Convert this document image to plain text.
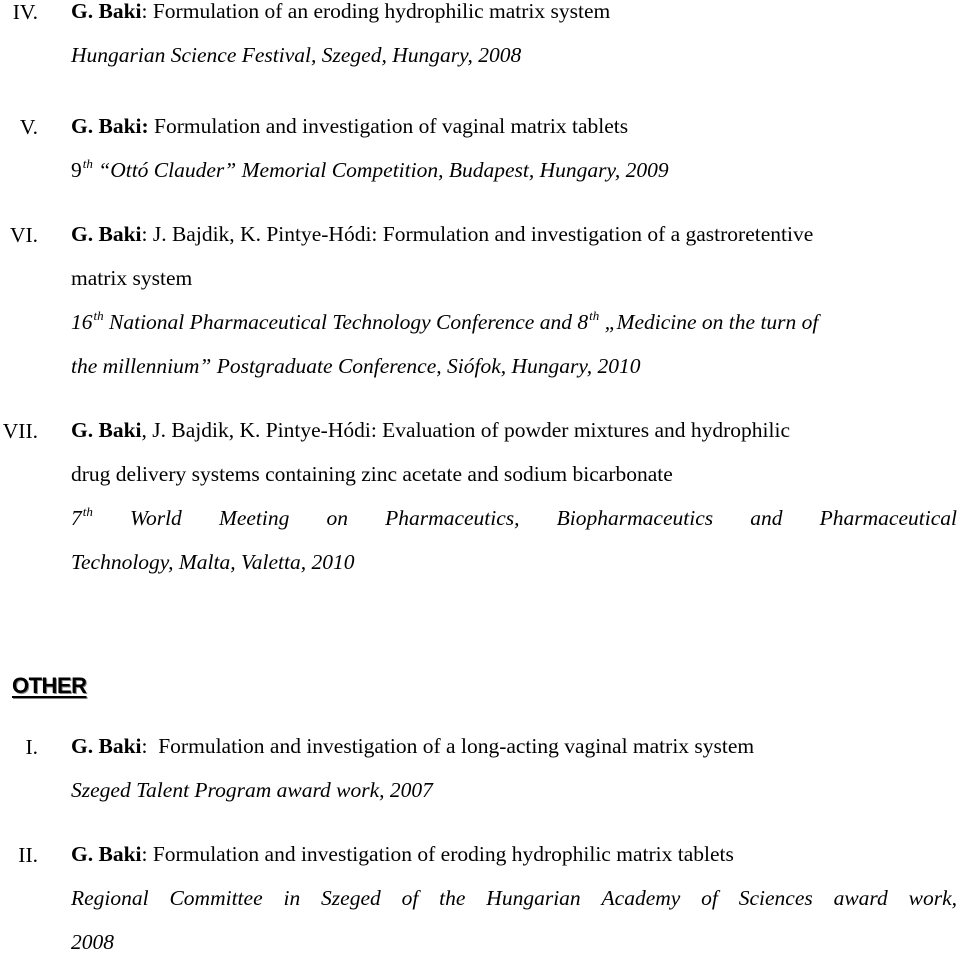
IV. G. Baki: Formulation of an eroding hydrophilic matrix system
Hungarian Science Festival, Szeged, Hungary, 2008
V. G. Baki: Formulation and investigation of vaginal matrix tablets
9th “Ottó Clauder” Memorial Competition, Budapest, Hungary, 2009
VI. G. Baki: J. Bajdik, K. Pintye-Hódi: Formulation and investigation of a gastroretentive
matrix system
16th National Pharmaceutical Technology Conference and 8th „Medicine on the turn of
the millennium” Postgraduate Conference, Siófok, Hungary, 2010
VII. G. Baki, J. Bajdik, K. Pintye-Hódi: Evaluation of powder mixtures and hydrophilic
drug delivery systems containing zinc acetate and sodium bicarbonate
7th World Meeting on Pharmaceutics, Biopharmaceutics and Pharmaceutical
Technology, Malta, Valetta, 2010
OTHER
I. G. Baki:  Formulation and investigation of a long-acting vaginal matrix system
Szeged Talent Program award work, 2007
II. G. Baki: Formulation and investigation of eroding hydrophilic matrix tablets
Regional Committee in Szeged of the Hungarian Academy of Sciences award work,
2008
